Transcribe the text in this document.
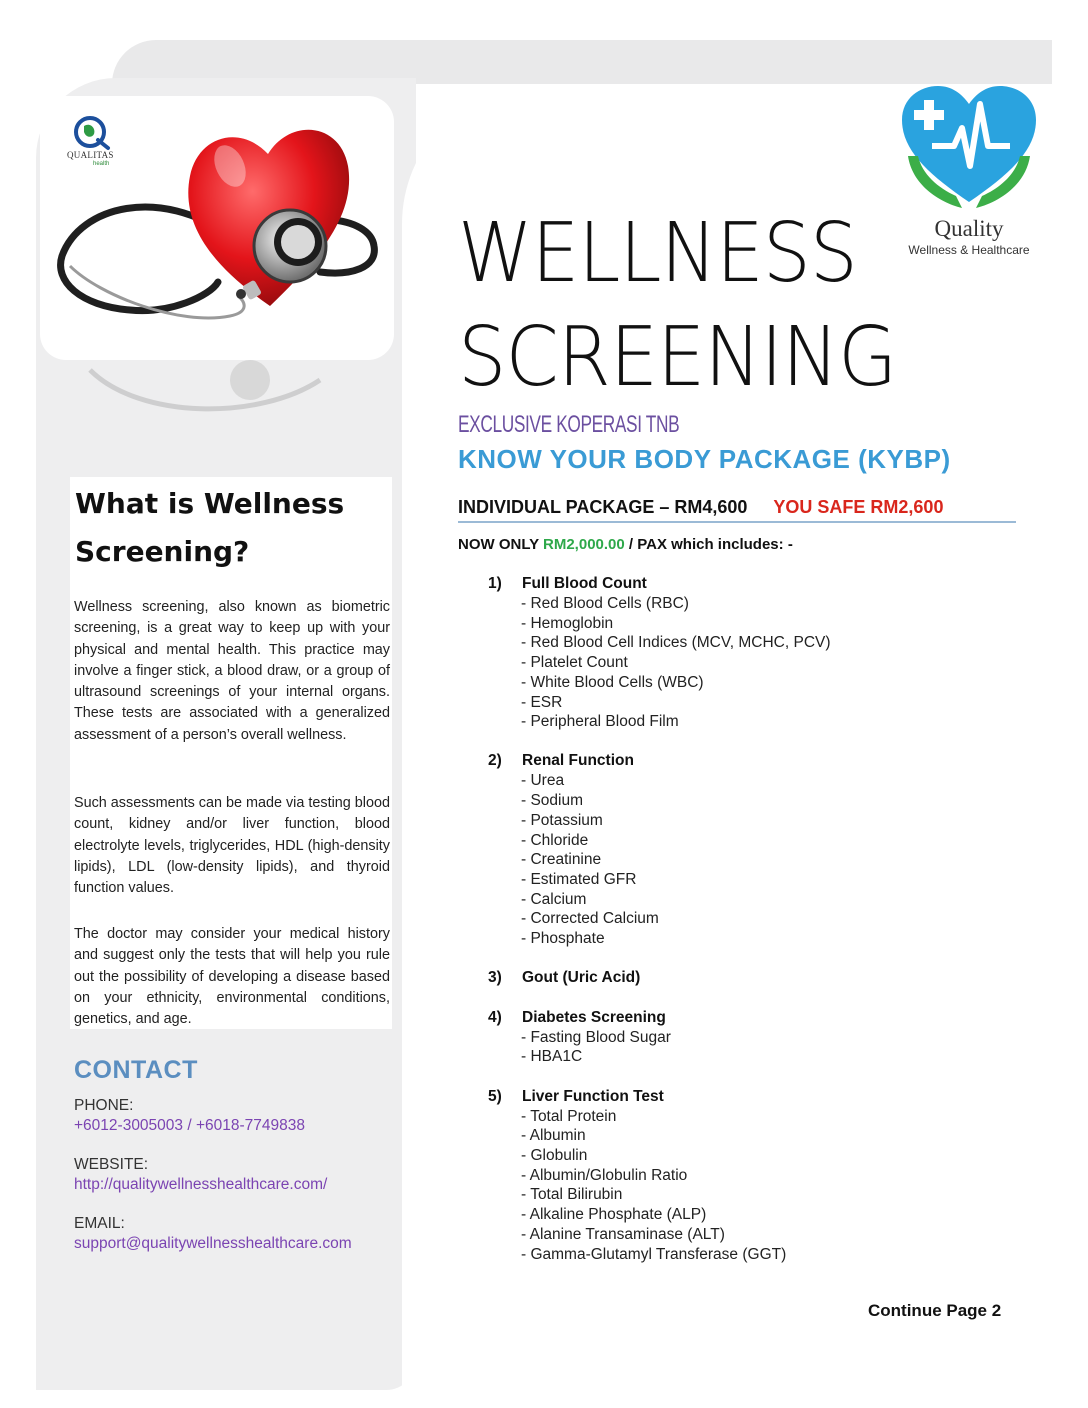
QUALITAS
health
Quality
Wellness & Healthcare
WELLNESS
SCREENING
EXCLUSIVE KOPERASI TNB
KNOW YOUR BODY PACKAGE (KYBP)
INDIVIDUAL PACKAGE – RM4,600 YOU SAFE RM2,600
NOW ONLY RM2,000.00 / PAX which includes: -
1)	Full Blood Count
- Red Blood Cells (RBC)
- Hemoglobin
- Red Blood Cell Indices (MCV, MCHC, PCV)
- Platelet Count
- White Blood Cells (WBC)
- ESR
- Peripheral Blood Film
2)	Renal Function
- Urea
- Sodium
- Potassium
- Chloride
- Creatinine
- Estimated GFR
- Calcium
- Corrected Calcium
- Phosphate
3)	Gout (Uric Acid)
4)	Diabetes Screening
- Fasting Blood Sugar
- HBA1C
5)	Liver Function Test
- Total Protein
- Albumin
- Globulin
- Albumin/Globulin Ratio
- Total Bilirubin
- Alkaline Phosphate (ALP)
- Alanine Transaminase (ALT)
- Gamma-Glutamyl Transferase (GGT)
Continue Page 2
What is Wellness Screening?

Wellness screening, also known as biometric screening, is a great way to keep up with your physical and mental health. This practice may involve a finger stick, a blood draw, or a group of ultrasound screenings of your internal organs. These tests are associated with a generalized assessment of a person’s overall wellness.

Such assessments can be made via testing blood count, kidney and/or liver function, blood electrolyte levels, triglycerides, HDL (high-density lipids), LDL (low-density lipids), and thyroid function values.

The doctor may consider your medical history and suggest only the tests that will help you rule out the possibility of developing a disease based on your ethnicity, environmental conditions, genetics, and age.

CONTACT
PHONE:
+6012-3005003 / +6018-7749838
WEBSITE:
http://qualitywellnesshealthcare.com/
EMAIL:
support@qualitywellnesshealthcare.com
